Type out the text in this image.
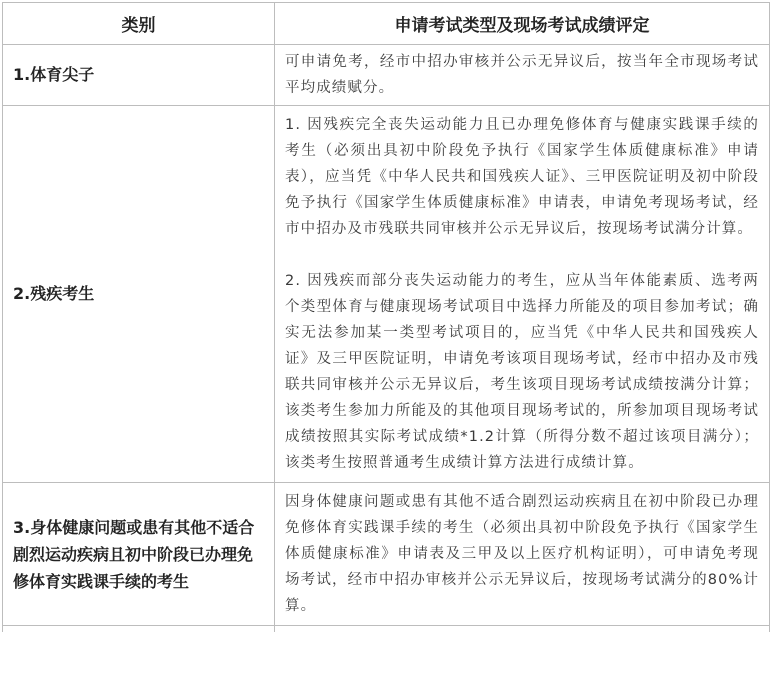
类别	申请考试类型及现场考试成绩评定
1.体育尖子	可申请免考，经市中招办审核并公示无异议后，按当年全市现场考试平均成绩赋分。

2.残疾考生	1. 因残疾完全丧失运动能力且已办理免修体育与健康实践课手续的考生（必须出具初中阶段免予执行《国家学生体质健康标准》申请表），应当凭《中华人民共和国残疾人证》、三甲医院证明及初中阶段免予执行《国家学生体质健康标准》申请表，申请免考现场考试，经市中招办及市残联共同审核并公示无异议后，按现场考试满分计算。
2. 因残疾而部分丧失运动能力的考生，应从当年体能素质、选考两个类型体育与健康现场考试项目中选择力所能及的项目参加考试；确实无法参加某一类型考试项目的，应当凭《中华人民共和国残疾人证》及三甲医院证明，申请免考该项目现场考试，经市中招办及市残联共同审核并公示无异议后，考生该项目现场考试成绩按满分计算；该类考生参加力所能及的其他项目现场考试的，所参加项目现场考试成绩按照其实际考试成绩*1.2计算（所得分数不超过该项目满分）；该类考生按照普通考生成绩计算方法进行成绩计算。

3.身体健康问题或患有其他不适合剧烈运动疾病且初中阶段已办理免修体育实践课手续的考生	因身体健康问题或患有其他不适合剧烈运动疾病且在初中阶段已办理免修体育实践课手续的考生（必须出具初中阶段免予执行《国家学生体质健康标准》申请表及三甲及以上医疗机构证明），可申请免考现场考试，经市中招办审核并公示无异议后，按现场考试满分的80%计算。
